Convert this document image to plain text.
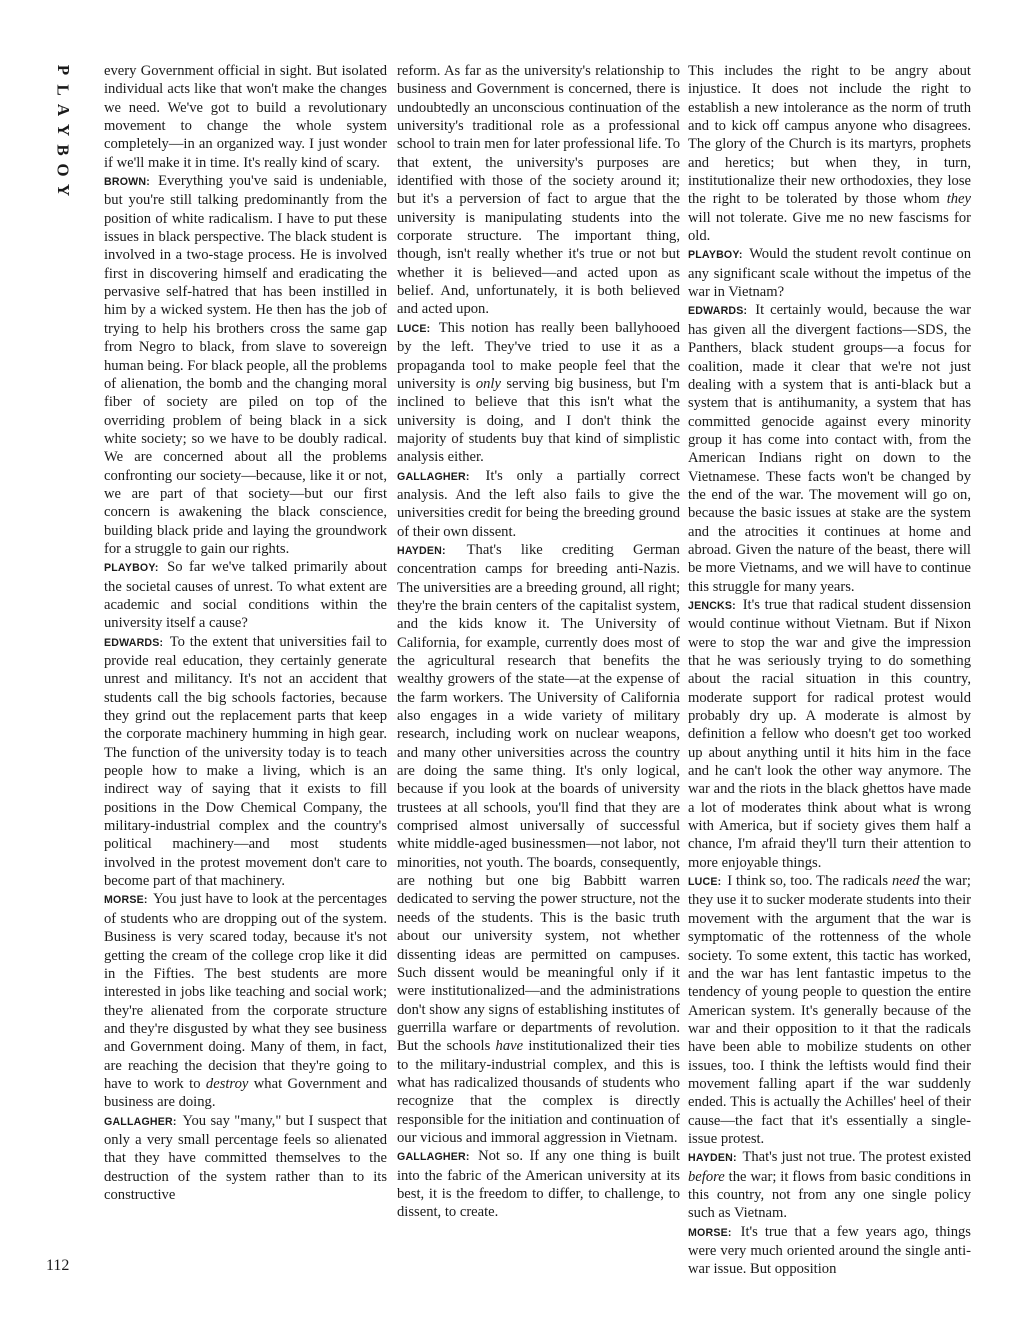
P
L
A
Y
B
O
Y
112

every Government official in sight. But isolated individual acts like that won't make the changes we need. We've got to build a revolutionary movement to change the whole system completely—in an organized way. I just wonder if we'll make it in time. It's really kind of scary.

BROWN: Everything you've said is undeniable, but you're still talking predominantly from the position of white radicalism. I have to put these issues in black perspective. The black student is involved in a two-stage process. He is involved first in discovering himself and eradicating the pervasive self-hatred that has been instilled in him by a wicked system. He then has the job of trying to help his brothers cross the same gap from Negro to black, from slave to sovereign human being. For black people, all the problems of alienation, the bomb and the changing moral fiber of society are piled on top of the overriding problem of being black in a sick white society; so we have to be doubly radical. We are concerned about all the problems confronting our society—because, like it or not, we are part of that society—but our first concern is awakening the black conscience, building black pride and laying the groundwork for a struggle to gain our rights.

PLAYBOY: So far we've talked primarily about the societal causes of unrest. To what extent are academic and social conditions within the university itself a cause?

EDWARDS: To the extent that universities fail to provide real education, they certainly generate unrest and militancy. It's not an accident that students call the big schools factories, because they grind out the replacement parts that keep the corporate machinery humming in high gear. The function of the university today is to teach people how to make a living, which is an indirect way of saying that it exists to fill positions in the Dow Chemical Company, the military-industrial complex and the country's political machinery—and most students involved in the protest movement don't care to become part of that machinery.

MORSE: You just have to look at the percentages of students who are dropping out of the system. Business is very scared today, because it's not getting the cream of the college crop like it did in the Fifties. The best students are more interested in jobs like teaching and social work; they're alienated from the corporate structure and they're disgusted by what they see business and Government doing. Many of them, in fact, are reaching the decision that they're going to have to work to destroy what Government and business are doing.

GALLAGHER: You say "many," but I suspect that only a very small percentage feels so alienated that they have committed themselves to the destruction of the system rather than to its constructive

reform. As far as the university's relationship to business and Government is concerned, there is undoubtedly an unconscious continuation of the university's traditional role as a professional school to train men for later professional life. To that extent, the university's purposes are identified with those of the society around it; but it's a perversion of fact to argue that the university is manipulating students into the corporate structure. The important thing, though, isn't really whether it's true or not but whether it is believed—and acted upon as belief. And, unfortunately, it is both believed and acted upon.

LUCE: This notion has really been ballyhooed by the left. They've tried to use it as a propaganda tool to make people feel that the university is only serving big business, but I'm inclined to believe that this isn't what the university is doing, and I don't think the majority of students buy that kind of simplistic analysis either.

GALLAGHER: It's only a partially correct analysis. And the left also fails to give the universities credit for being the breeding ground of their own dissent.

HAYDEN: That's like crediting German concentration camps for breeding anti-Nazis. The universities are a breeding ground, all right; they're the brain centers of the capitalist system, and the kids know it. The University of California, for example, currently does most of the agricultural research that benefits the wealthy growers of the state—at the expense of the farm workers. The University of California also engages in a wide variety of military research, including work on nuclear weapons, and many other universities across the country are doing the same thing. It's only logical, because if you look at the boards of university trustees at all schools, you'll find that they are comprised almost universally of successful white middle-aged businessmen—not labor, not minorities, not youth. The boards, consequently, are nothing but one big Babbitt warren dedicated to serving the power structure, not the needs of the students. This is the basic truth about our university system, not whether dissenting ideas are permitted on campuses. Such dissent would be meaningful only if it were institutionalized—and the administrations don't show any signs of establishing institutes of guerrilla warfare or departments of revolution. But the schools have institutionalized their ties to the military-industrial complex, and this is what has radicalized thousands of students who recognize that the complex is directly responsible for the initiation and continuation of our vicious and immoral aggression in Vietnam.

GALLAGHER: Not so. If any one thing is built into the fabric of the American university at its best, it is the freedom to differ, to challenge, to dissent, to create.

This includes the right to be angry about injustice. It does not include the right to establish a new intolerance as the norm of truth and to kick off campus anyone who disagrees. The glory of the Church is its martyrs, prophets and heretics; but when they, in turn, institutionalize their new orthodoxies, they lose the right to be tolerated by those whom they will not tolerate. Give me no new fascisms for old.

PLAYBOY: Would the student revolt continue on any significant scale without the impetus of the war in Vietnam?

EDWARDS: It certainly would, because the war has given all the divergent factions—SDS, the Panthers, black student groups—a focus for coalition, made it clear that we're not just dealing with a system that is anti-black but a system that is antihumanity, a system that has committed genocide against every minority group it has come into contact with, from the American Indians right on down to the Vietnamese. These facts won't be changed by the end of the war. The movement will go on, because the basic issues at stake are the system and the atrocities it continues at home and abroad. Given the nature of the beast, there will be more Vietnams, and we will have to continue this struggle for many years.

JENCKS: It's true that radical student dissension would continue without Vietnam. But if Nixon were to stop the war and give the impression that he was seriously trying to do something about the racial situation in this country, moderate support for radical protest would probably dry up. A moderate is almost by definition a fellow who doesn't get too worked up about anything until it hits him in the face and he can't look the other way anymore. The war and the riots in the black ghettos have made a lot of moderates think about what is wrong with America, but if society gives them half a chance, I'm afraid they'll turn their attention to more enjoyable things.

LUCE: I think so, too. The radicals need the war; they use it to sucker moderate students into their movement with the argument that the war is symptomatic of the rottenness of the whole society. To some extent, this tactic has worked, and the war has lent fantastic impetus to the tendency of young people to question the entire American system. It's generally because of the war and their opposition to it that the radicals have been able to mobilize students on other issues, too. I think the leftists would find their movement falling apart if the war suddenly ended. This is actually the Achilles' heel of their cause—the fact that it's essentially a single-issue protest.

HAYDEN: That's just not true. The protest existed before the war; it flows from basic conditions in this country, not from any one single policy such as Vietnam.

MORSE: It's true that a few years ago, things were very much oriented around the single anti-war issue. But opposition
